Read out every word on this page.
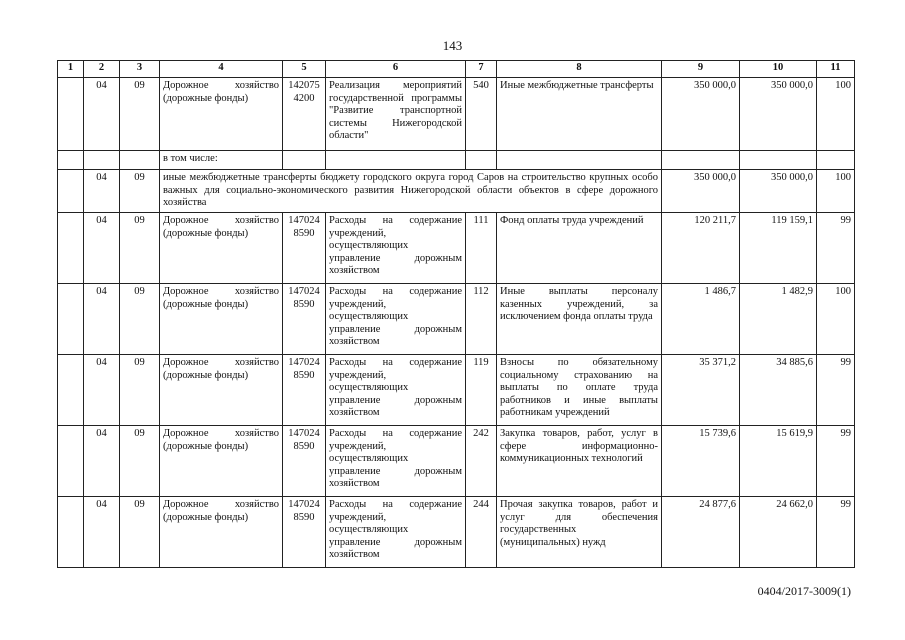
143
1	2	3	4	5	6	7	8	9	10	11
	04	09	Дорожное хозяйство (дорожные фонды)	142075 4200	Реализация мероприятий государственной программы "Развитие транспортной системы Нижегородской области"	540	Иные межбюджетные трансферты	350 000,0	350 000,0	100
			в том числе:							
	04	09	иные межбюджетные трансферты бюджету городского округа город Саров на строительство крупных особо важных для социально-экономического развития Нижегородской области объектов в сфере дорожного хозяйства					350 000,0	350 000,0	100
	04	09	Дорожное хозяйство (дорожные фонды)	147024 8590	Расходы на содержание учреждений, осуществляющих управление дорожным хозяйством	111	Фонд оплаты труда учреждений	120 211,7	119 159,1	99
	04	09	Дорожное хозяйство (дорожные фонды)	147024 8590	Расходы на содержание учреждений, осуществляющих управление дорожным хозяйством	112	Иные выплаты персоналу казенных учреждений, за исключением фонда оплаты труда	1 486,7	1 482,9	100
	04	09	Дорожное хозяйство (дорожные фонды)	147024 8590	Расходы на содержание учреждений, осуществляющих управление дорожным хозяйством	119	Взносы по обязательному социальному страхованию на выплаты по оплате труда работников и иные выплаты работникам учреждений	35 371,2	34 885,6	99
	04	09	Дорожное хозяйство (дорожные фонды)	147024 8590	Расходы на содержание учреждений, осуществляющих управление дорожным хозяйством	242	Закупка товаров, работ, услуг в сфере информационно-коммуникационных технологий	15 739,6	15 619,9	99
	04	09	Дорожное хозяйство (дорожные фонды)	147024 8590	Расходы на содержание учреждений, осуществляющих управление дорожным хозяйством	244	Прочая закупка товаров, работ и услуг для обеспечения государственных (муниципальных) нужд	24 877,6	24 662,0	99
0404/2017-3009(1)
